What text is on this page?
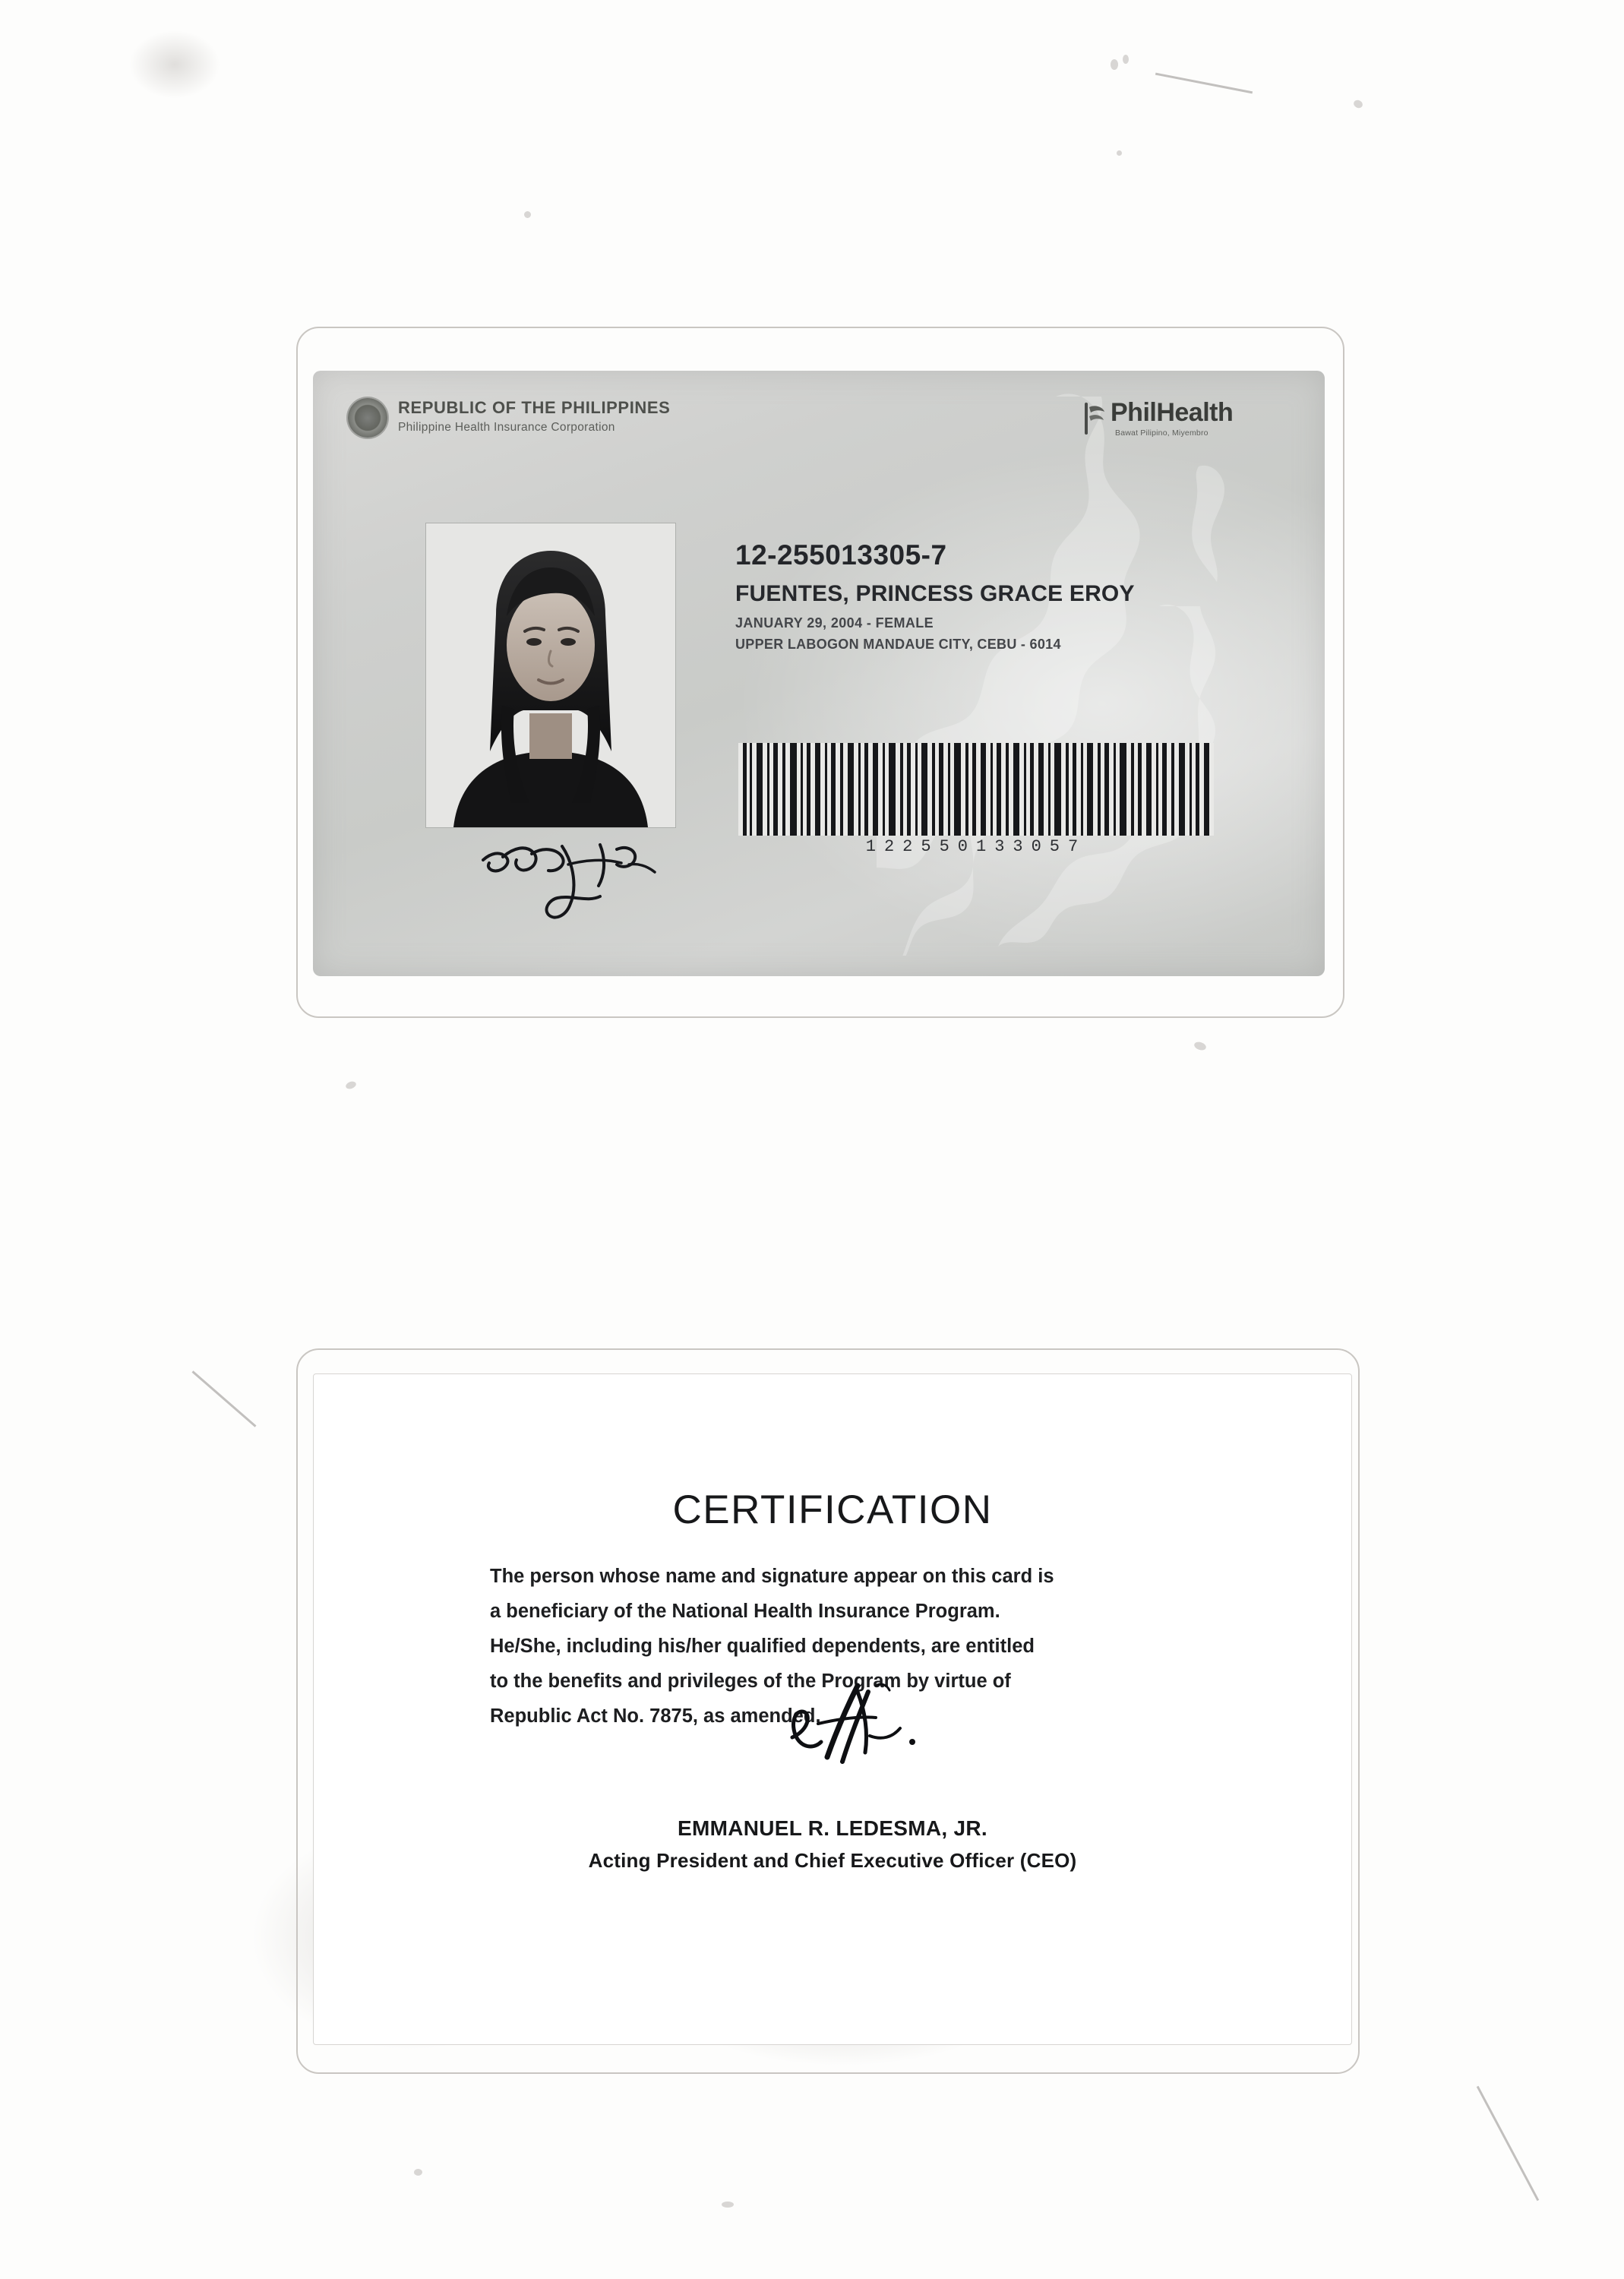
REPUBLIC OF THE PHILIPPINES
Philippine Health Insurance Corporation
PhilHealth
Bawat Pilipino, Miyembro
12-255013305-7
FUENTES, PRINCESS GRACE EROY
JANUARY 29, 2004 - FEMALE
UPPER LABOGON MANDAUE CITY, CEBU - 6014
122550133057
CERTIFICATION
The person whose name and signature appear on this card is
a beneficiary of the National Health Insurance Program.
He/She, including his/her qualified dependents, are entitled
to the benefits and privileges of the Program by virtue of
Republic Act No. 7875, as amended.
EMMANUEL R. LEDESMA, JR.
Acting President and Chief Executive Officer (CEO)
